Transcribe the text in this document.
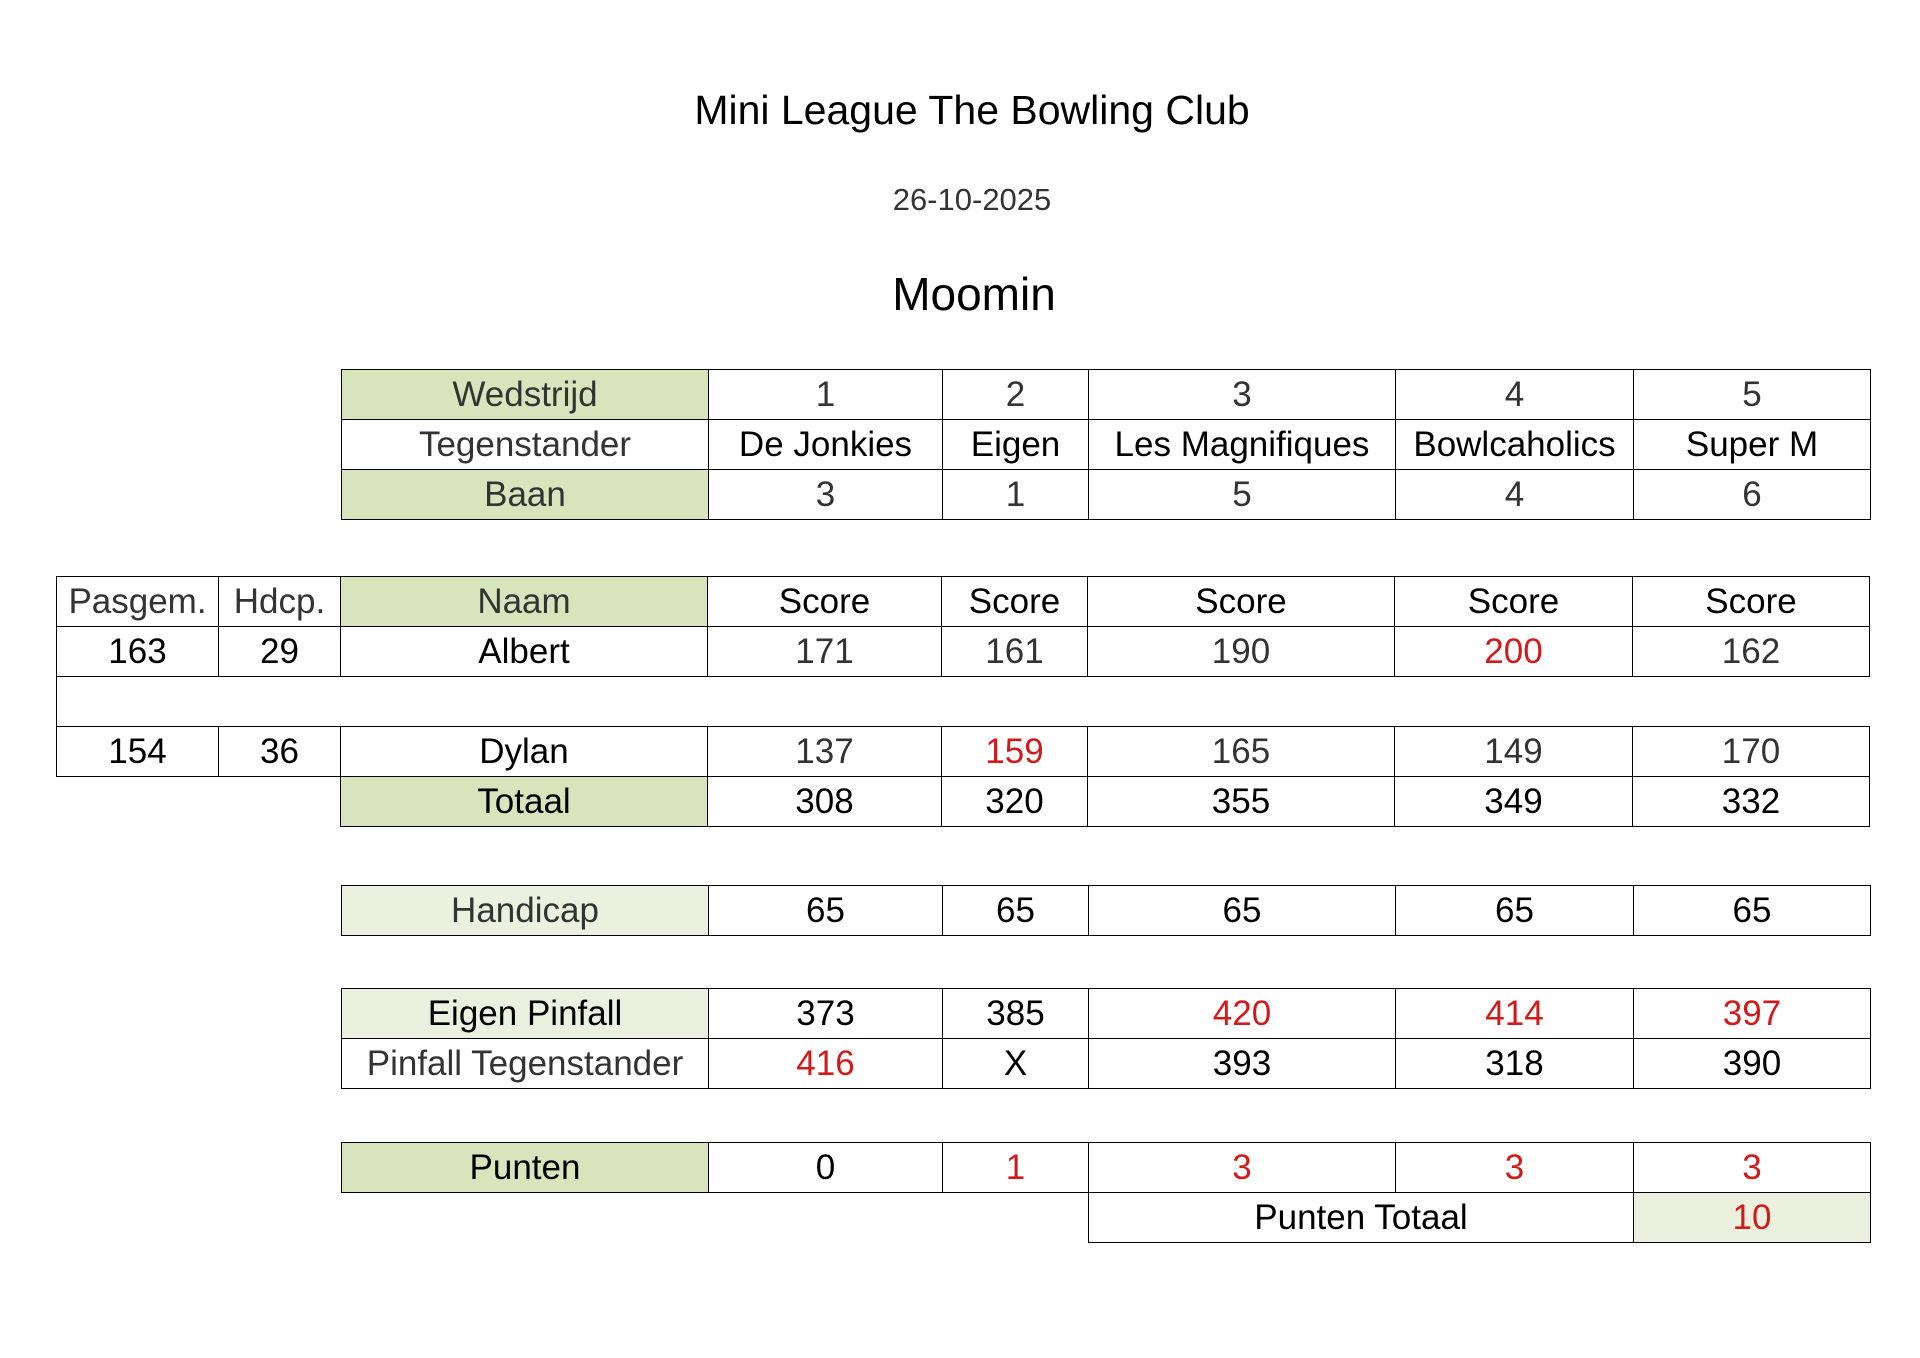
Mini League The Bowling Club
26-10-2025
Moomin
Wedstrijd	1	2	3	4	5
Tegenstander	De Jonkies	Eigen	Les Magnifiques	Bowlcaholics	Super M
Baan	3	1	5	4	6
Pasgem.	Hdcp.	Naam	Score	Score	Score	Score	Score
163	29	Albert	171	161	190	200	162

154	36	Dylan	137	159	165	149	170
		Totaal	308	320	355	349	332
Handicap	65	65	65	65	65
Eigen Pinfall	373	385	420	414	397
Pinfall Tegenstander	416	X	393	318	390
Punten	0	1	3	3	3
			Punten Totaal		10
